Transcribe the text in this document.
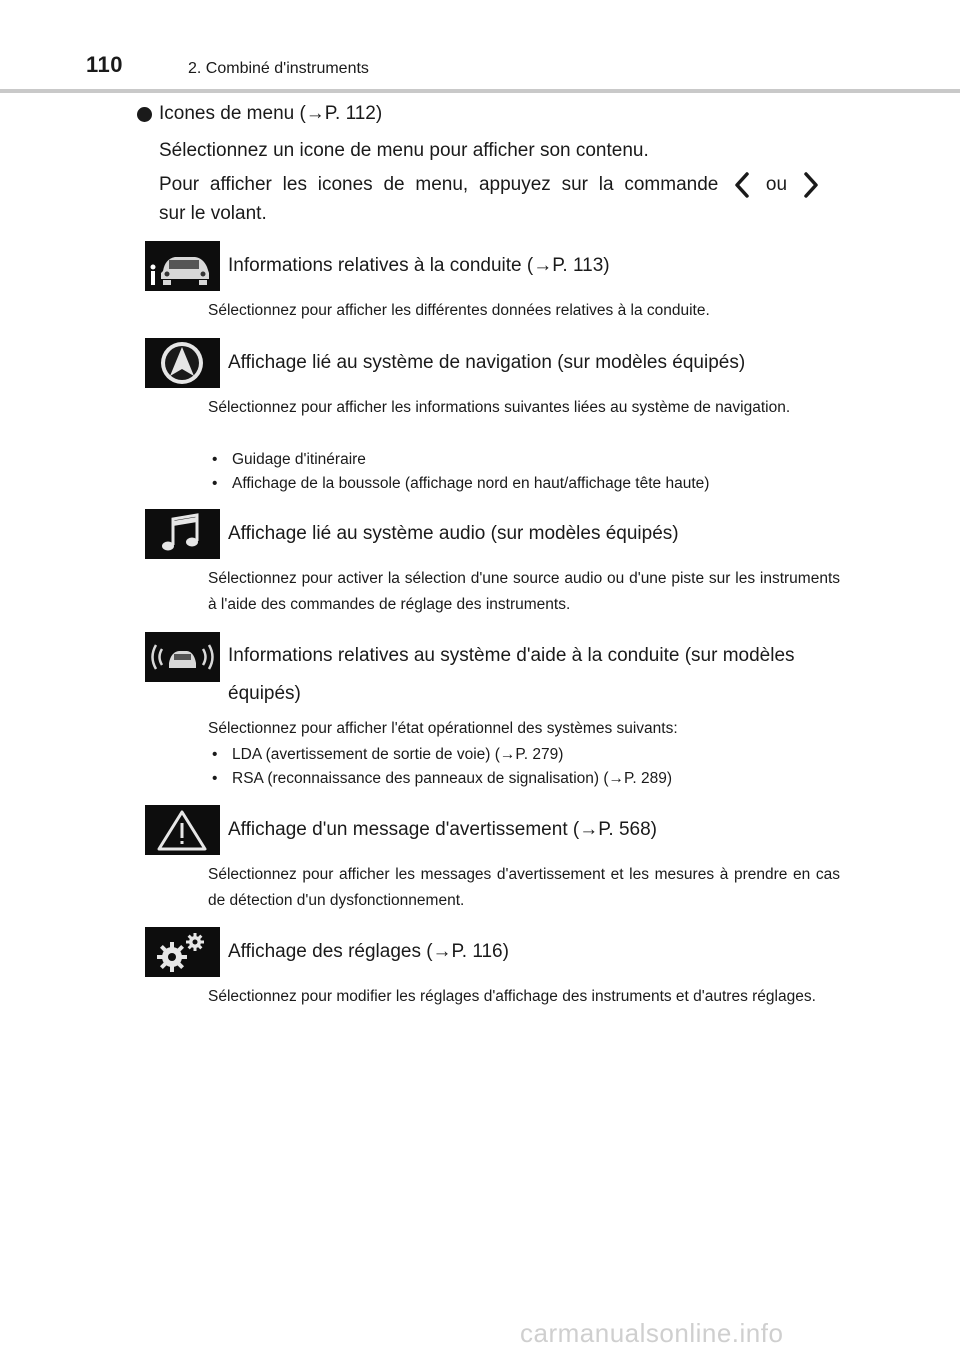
110	2. Combiné d'instruments
Icones de menu (→P. 112)
Sélectionnez un icone de menu pour afficher son contenu.
Pour afficher les icones de menu, appuyez sur la commande	ou
sur le volant.
Informations relatives à la conduite (→P. 113)
Sélectionnez pour afficher les différentes données relatives à la conduite.
Affichage lié au système de navigation (sur modèles équipés)
Sélectionnez pour afficher les informations suivantes liées au système de navigation.
• Guidage d'itinéraire
• Affichage de la boussole (affichage nord en haut/affichage tête haute)
Affichage lié au système audio (sur modèles équipés)
Sélectionnez pour activer la sélection d'une source audio ou d'une piste sur les instruments à l'aide des commandes de réglage des instruments.
Informations relatives au système d'aide à la conduite (sur modèles équipés)
Sélectionnez pour afficher l'état opérationnel des systèmes suivants:
• LDA (avertissement de sortie de voie) (→P. 279)
• RSA (reconnaissance des panneaux de signalisation) (→P. 289)
Affichage d'un message d'avertissement (→P. 568)
Sélectionnez pour afficher les messages d'avertissement et les mesures à prendre en cas de détection d'un dysfonctionnement.
Affichage des réglages (→P. 116)
Sélectionnez pour modifier les réglages d'affichage des instruments et d'autres réglages.
carmanualsonline.info
